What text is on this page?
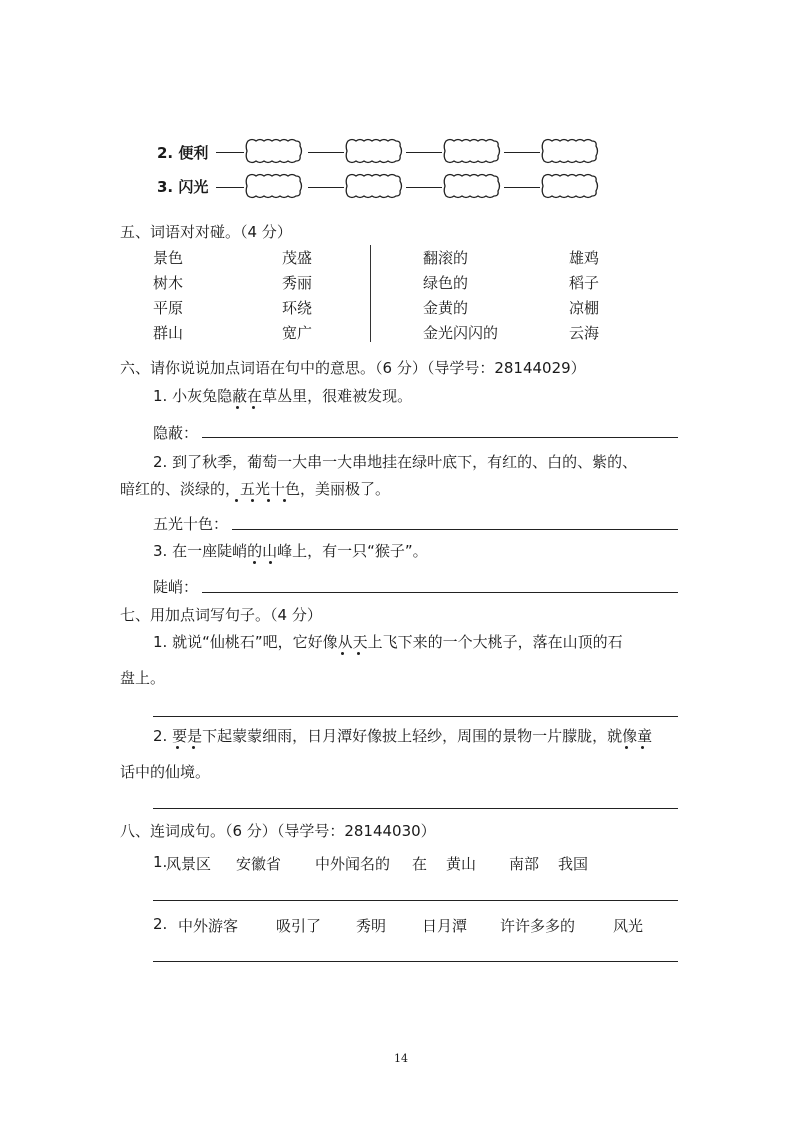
2. 便利
3. 闪光
五、词语对对碰。（4 分）
景色
树木
平原
群山
茂盛
秀丽
环绕
宽广
翻滚的
绿色的
金黄的
金光闪闪的
雄鸡
稻子
凉棚
云海
六、请你说说加点词语在句中的意思。（6 分）（导学号：28144029）
1. 小灰兔隐蔽在草丛里，很难被发现。
隐蔽：
2. 到了秋季，葡萄一大串一大串地挂在绿叶底下，有红的、白的、紫的、
暗红的、淡绿的，五光十色，美丽极了。
五光十色：
3. 在一座陡峭的山峰上，有一只“猴子”。
陡峭：
七、用加点词写句子。（4 分）
1. 就说“仙桃石”吧，它好像从天上飞下来的一个大桃子，落在山顶的石
盘上。
2. 要是下起蒙蒙细雨，日月潭好像披上轻纱，周围的景物一片朦胧，就像童
话中的仙境。
八、连词成句。（6 分）（导学号：28144030）
1.
风景区 安徽省 中外闻名的 在 黄山 南部 我国
2. 中外游客	吸引了 秀明 日月潭 许许多多的	风光
14
